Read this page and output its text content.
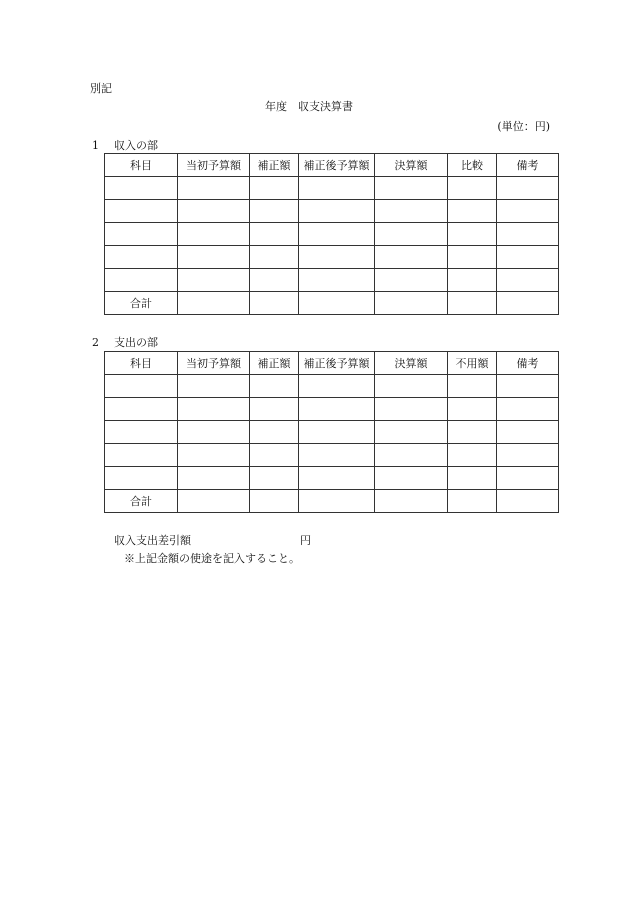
別記
年度　収支決算書
(単位：円)
1 収入の部
科目	当初予算額	補正額	補正後予算額	決算額	比較	備考

合計						
2 支出の部
科目	当初予算額	補正額	補正後予算額	決算額	不用額	備考

合計						
収入支出差引額	円
※上記金額の使途を記入すること。
